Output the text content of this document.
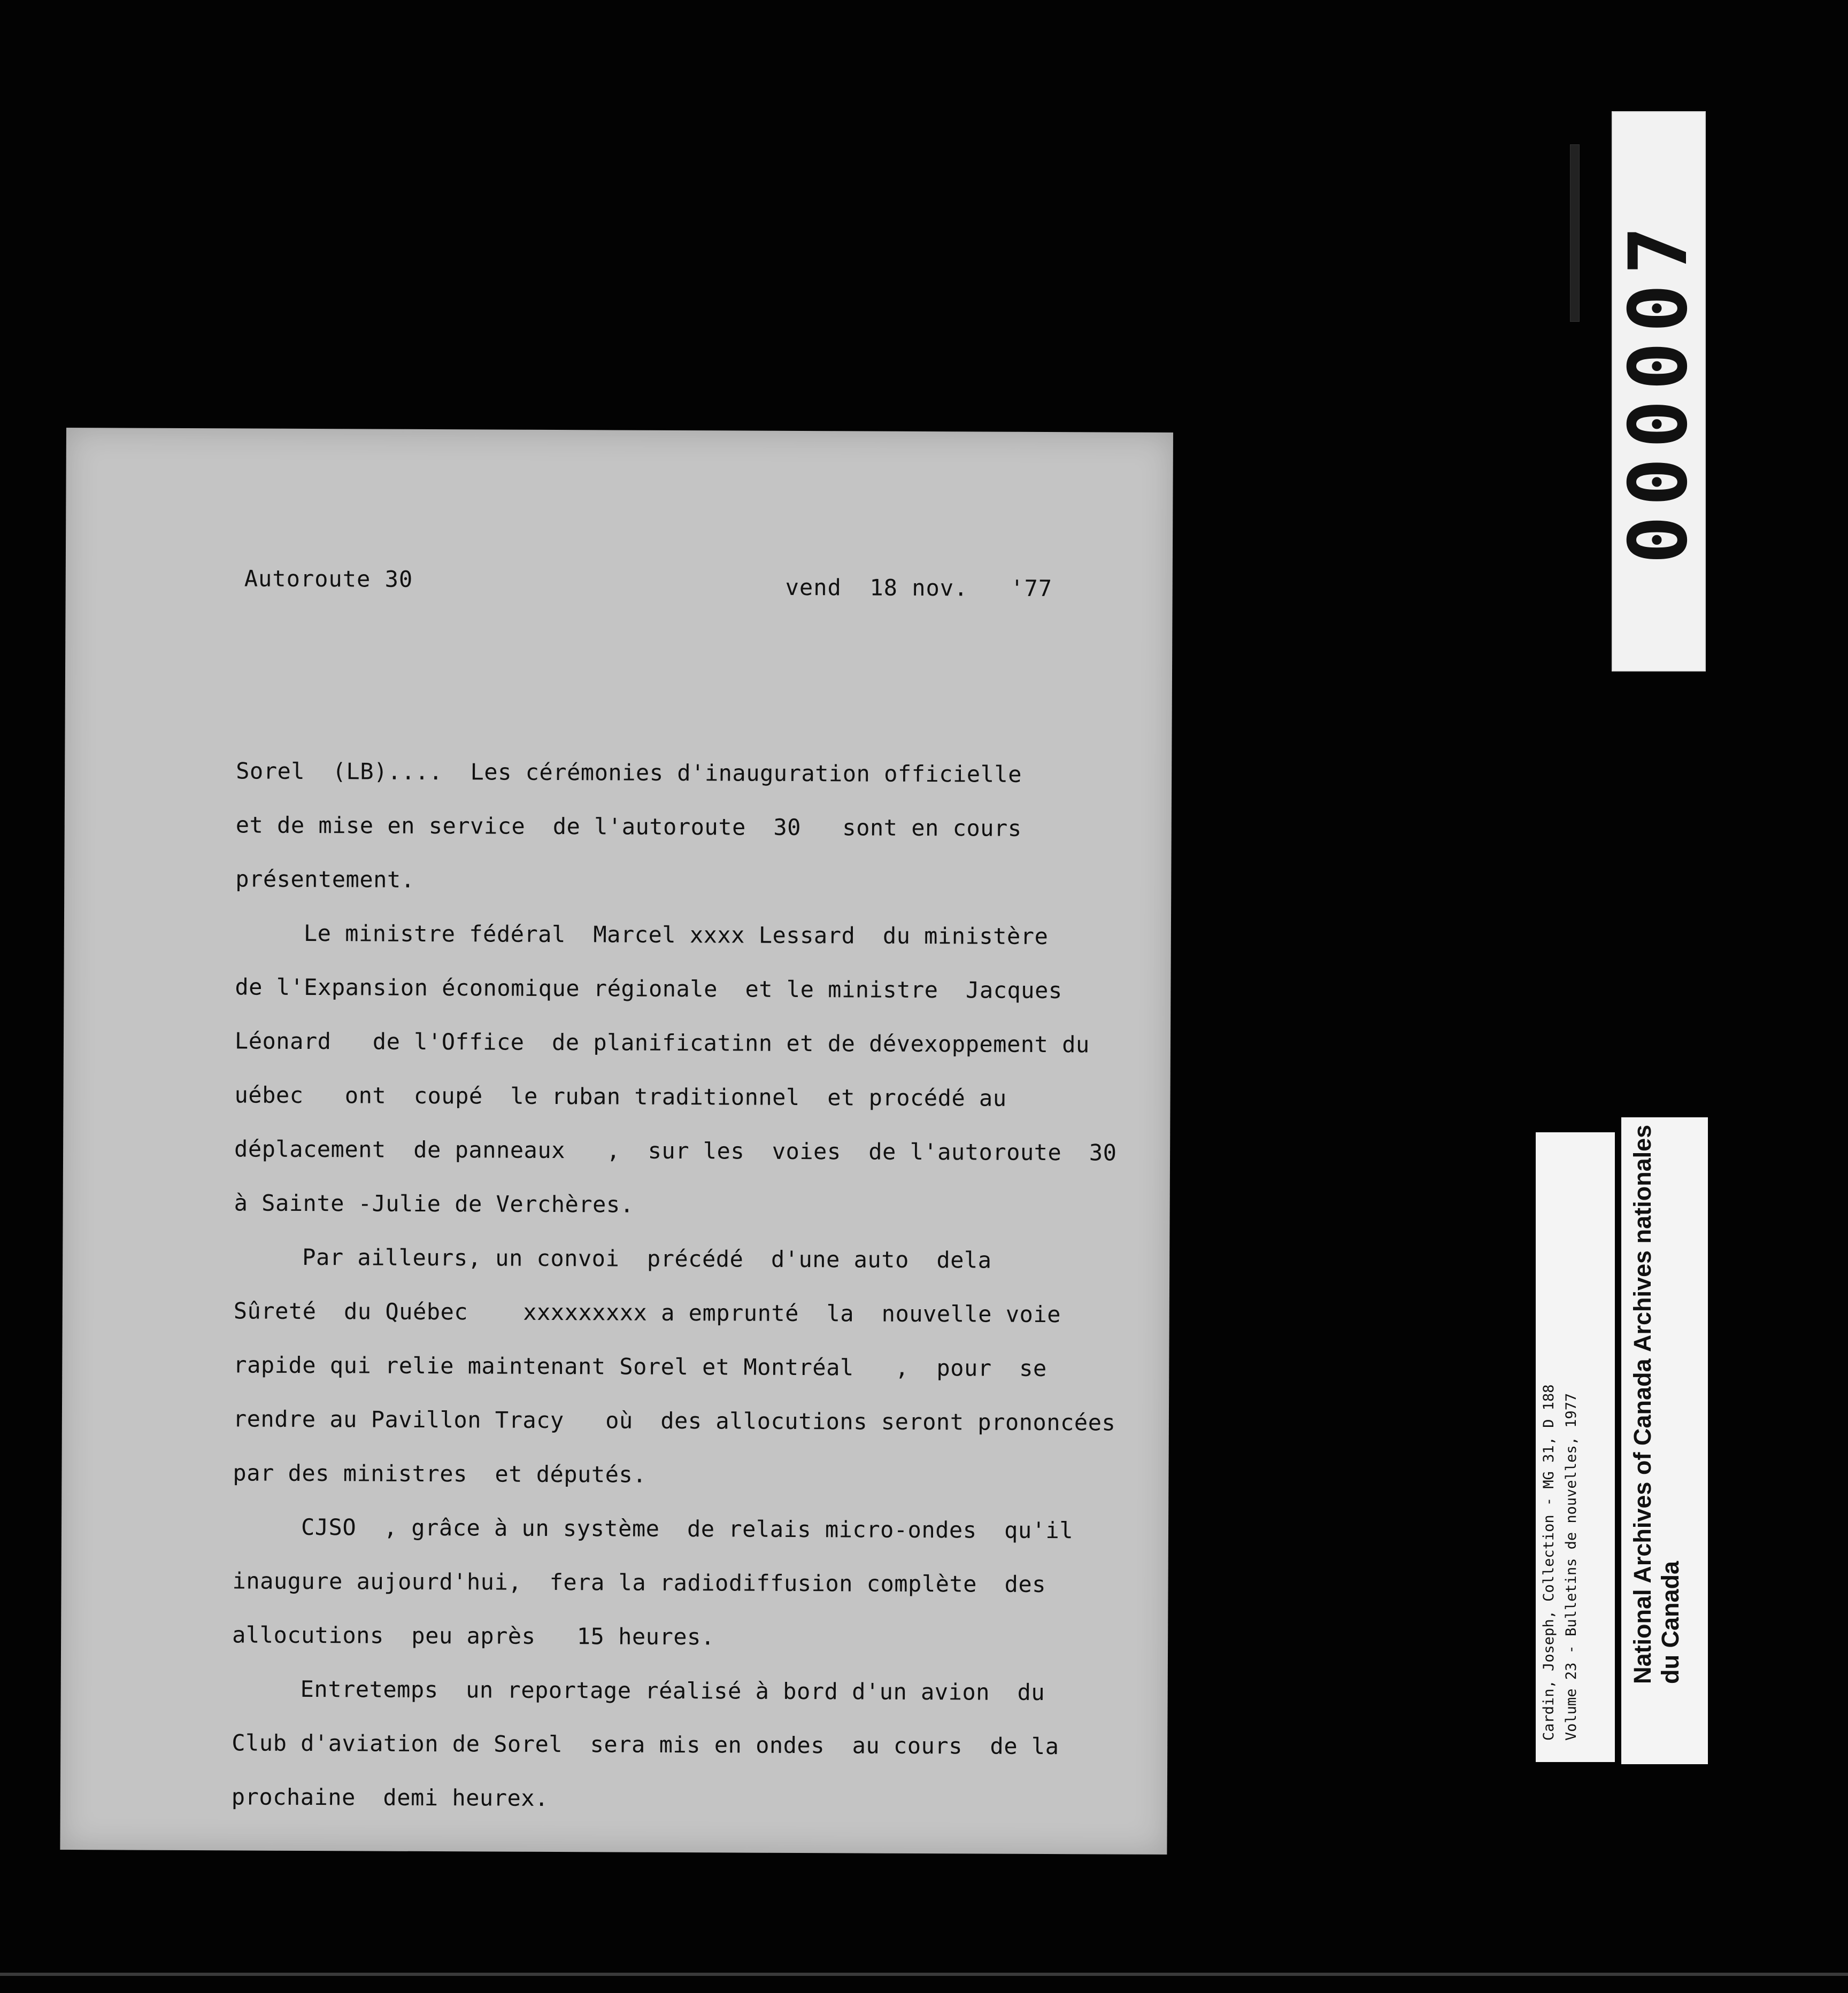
000007
Autoroute 30	vend  18 nov.   '77
Sorel  (LB)....  Les cérémonies d'inauguration officielle
et de mise en service  de l'autoroute  30   sont en cours
présentement.
Le ministre fédéral  Marcel xxxx Lessard  du ministère
de l'Expansion économique régionale  et le ministre  Jacques
Léonard   de l'Office  de planificatinn et de dévexoppement du
uébec   ont  coupé  le ruban traditionnel  et procédé au
déplacement  de panneaux   ,  sur les  voies  de l'autoroute  30
à Sainte -Julie de Verchères.
Par ailleurs, un convoi  précédé  d'une auto  dela
Sûreté  du Québec    xxxxxxxxx a emprunté  la  nouvelle voie
rapide qui relie maintenant Sorel et Montréal   ,  pour  se
rendre au Pavillon Tracy   où  des allocutions seront prononcées
par des ministres  et députés.
CJSO  , grâce à un système  de relais micro-ondes  qu'il
inaugure aujourd'hui,  fera la radiodiffusion complète  des
allocutions  peu après   15 heures.
Entretemps  un reportage réalisé à bord d'un avion  du
Club d'aviation de Sorel  sera mis en ondes  au cours  de la
prochaine  demi heurex.
Cardin, Joseph, Collection - MG 31, D 188 Volume 23 - Bulletins de nouvelles, 1977 National Archives of Canada Archives nationales du Canada
